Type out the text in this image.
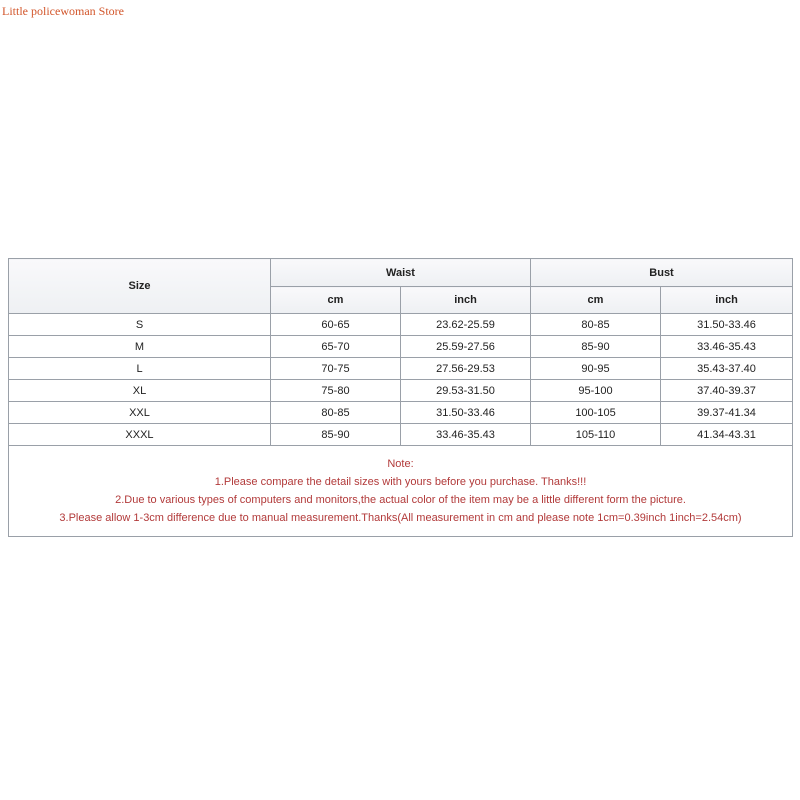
Little policewoman Store
Size	Waist		Bust	
	cm	inch	cm	inch
S	60-65	23.62-25.59	80-85	31.50-33.46
M	65-70	25.59-27.56	85-90	33.46-35.43
L	70-75	27.56-29.53	90-95	35.43-37.40
XL	75-80	29.53-31.50	95-100	37.40-39.37
XXL	80-85	31.50-33.46	100-105	39.37-41.34
XXXL	85-90	33.46-35.43	105-110	41.34-43.31

Note:
1.Please compare the detail sizes with yours before you purchase. Thanks!!!
2.Due to various types of computers and monitors,the actual color of the item may be a little different form the picture.
3.Please allow 1-3cm difference due to manual measurement.Thanks(All measurement in cm and please note 1cm=0.39inch 1inch=2.54cm)				
